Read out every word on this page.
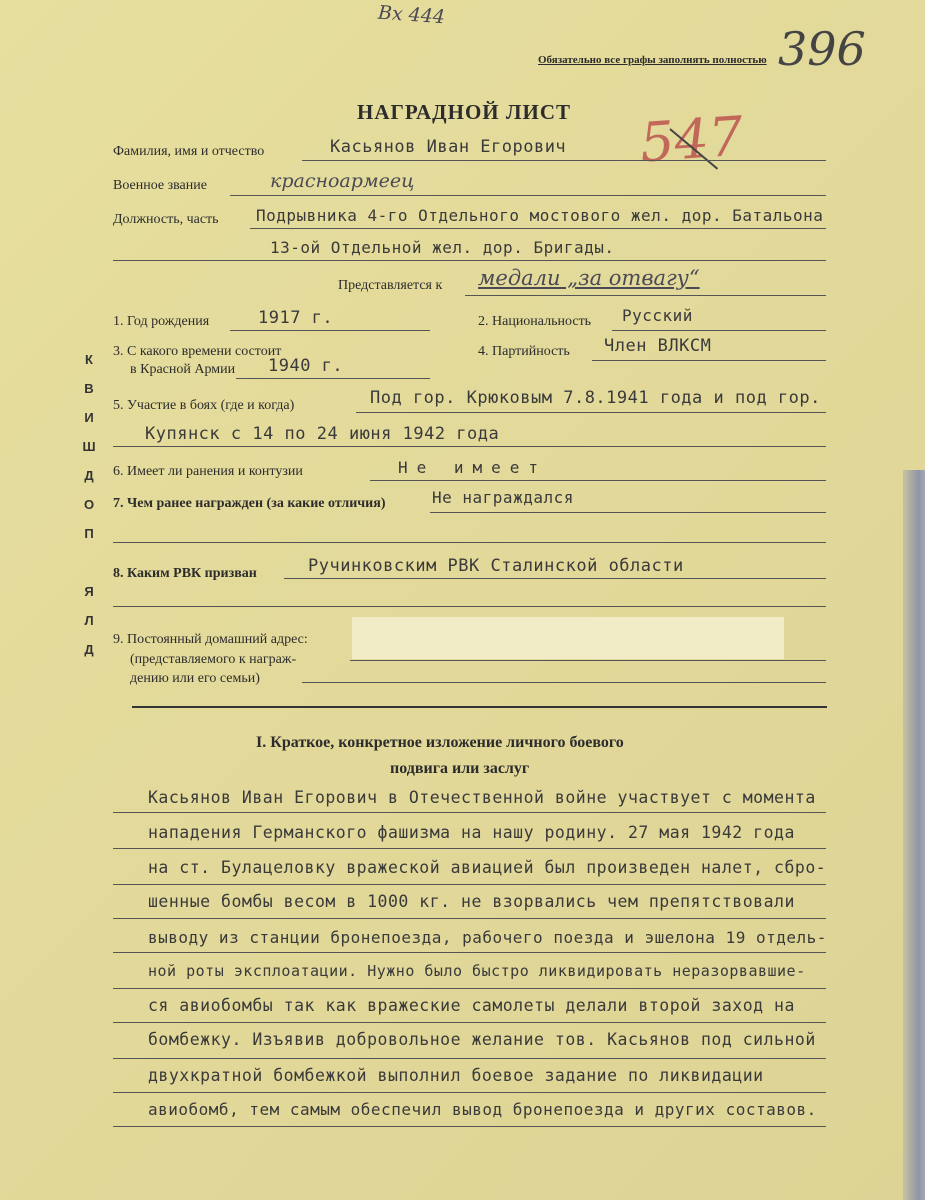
Вх 444
Обязательно все графы заполнять полностью 396
547
НАГРАДНОЙ ЛИСТ
К
В
И
Ш
Д
О
П

Я
Л
Д
Фамилия, имя и отчество	Касьянов Иван Егорович
Военное звание	красноармеец
Должность, часть Подрывника 4-го Отдельного мостового жел. дор. Батальона
13-ой Отдельной жел. дор. Бригады.
Представляется к медали „за отвагу“
1. Год рождения	1917 г.	2. Национальность Русский
3. С какого времени состоит
в Красной Армии 1940 г.
4. Партийность Член ВЛКСМ
5. Участие в боях (где и когда)	Под гор. Крюковым 7.8.1941 года и под гор.
Купянск с 14 по 24 июня 1942 года
6. Имеет ли ранения и контузии	Не имеет
7. Чем ранее награжден (за какие отличия)	Не награждался
8. Каким РВК призван	Ручинковским РВК Сталинской области
9. Постоянный домашний адрес:
(представляемого к награж-
дению или его семьи)
I. Краткое, конкретное изложение личного боевого
подвига или заслуг
Касьянов Иван Егорович в Отечественной войне участвует с момента
нападения Германского фашизма на нашу родину. 27 мая 1942 года
на ст. Булацеловку вражеской авиацией был произведен налет, сбро-
шенные бомбы весом в 1000 кг. не взорвались чем препятствовали
выводу из станции бронепоезда, рабочего поезда и эшелона 19 отдель-
ной роты эксплоатации. Нужно было быстро ликвидировать неразорвавшие-
ся авиобомбы так как вражеские самолеты делали второй заход на
бомбежку. Изъявив добровольное желание тов. Касьянов под сильной
двухкратной бомбежкой выполнил боевое задание по ликвидации
авиобомб, тем самым обеспечил вывод бронепоезда и других составов.
